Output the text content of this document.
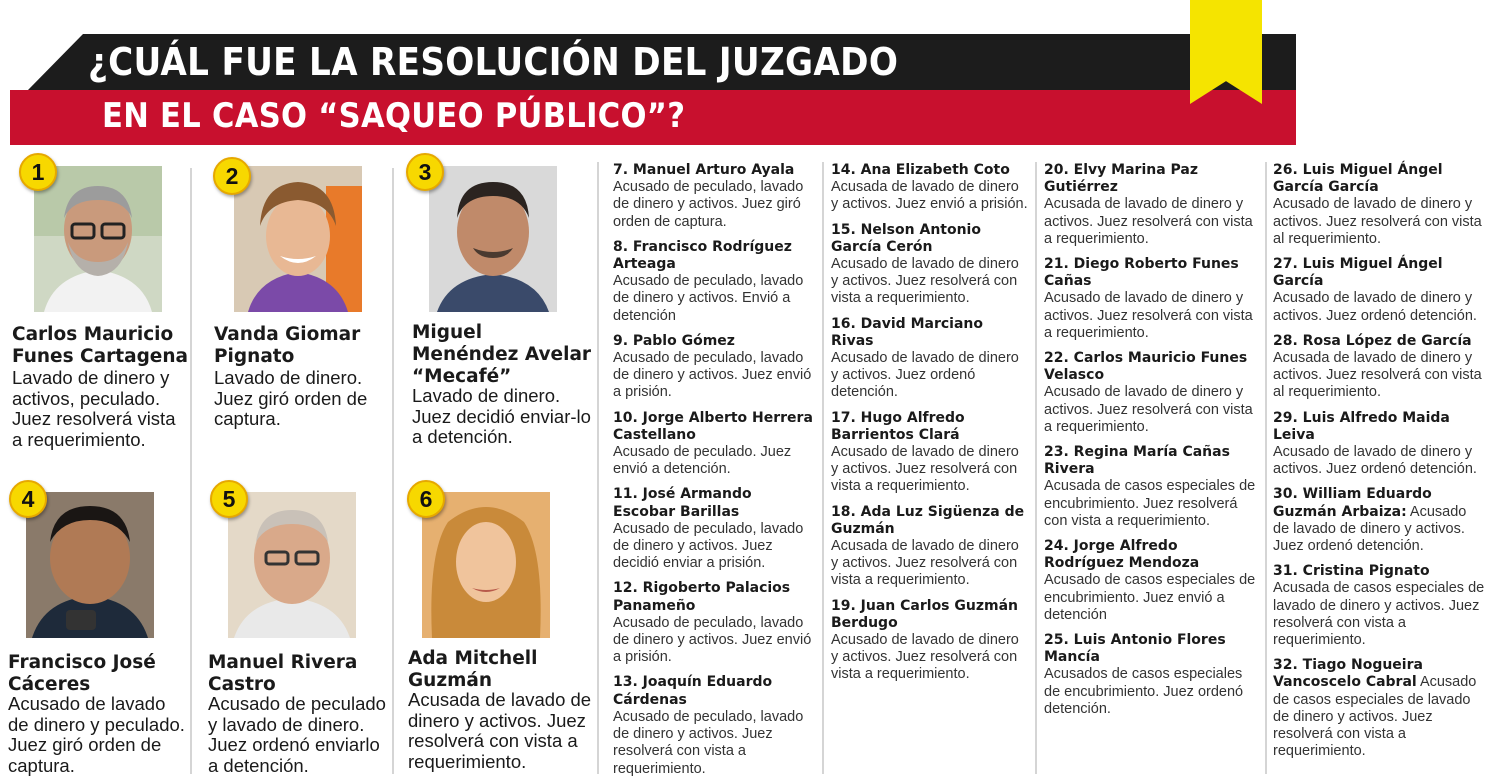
¿CUÁL FUE LA RESOLUCIÓN DEL JUZGADO
EN EL CASO “SAQUEO PÚBLICO”?
1
Carlos Mauricio Funes Cartagena
Lavado de dinero y activos, peculado. Juez resolverá vista a requerimiento.
2
Vanda Giomar Pignato
Lavado de dinero. Juez giró orden de captura.
3
Miguel Menéndez Avelar “Mecafé”
Lavado de dinero. Juez decidió enviar-lo a detención.
4
Francisco José Cáceres
Acusado de lavado de dinero y peculado. Juez giró orden de captura.
5
Manuel Rivera Castro
Acusado de peculado y lavado de dinero. Juez ordenó enviarlo a detención.
6
Ada Mitchell Guzmán
Acusada de lavado de dinero y activos. Juez resolverá con vista a requerimiento.
7. Manuel Arturo Ayala
Acusado de peculado, lavado de dinero y activos. Juez giró orden de captura.
8. Francisco Rodríguez Arteaga
Acusado de peculado, lavado de dinero y activos. Envió a detención
9. Pablo Gómez
Acusado de peculado, lavado de dinero y activos. Juez envió a prisión.
10. Jorge Alberto Herrera Castellano
Acusado de peculado. Juez envió a detención.
11. José Armando Escobar Barillas
Acusado de peculado, lavado de dinero y activos. Juez decidió enviar a prisión.
12. Rigoberto Palacios Panameño
Acusado de peculado, lavado de dinero y activos. Juez envió a prisión.
13. Joaquín Eduardo Cárdenas
Acusado de peculado, lavado de dinero y activos. Juez resolverá con vista a requerimiento.
14. Ana Elizabeth Coto
Acusada de lavado de dinero y activos. Juez envió a prisión.
15. Nelson Antonio García Cerón
Acusado de lavado de dinero y activos. Juez resolverá con vista a requerimiento.
16. David Marciano Rivas
Acusado de lavado de dinero y activos. Juez ordenó detención.
17. Hugo Alfredo Barrientos Clará
Acusado de lavado de dinero y activos. Juez resolverá con vista a requerimiento.
18. Ada Luz Sigüenza de Guzmán
Acusada de lavado de dinero y activos. Juez resolverá con vista a requerimiento.
19. Juan Carlos Guzmán Berdugo
Acusado de lavado de dinero y activos. Juez resolverá con vista a requerimiento.
20. Elvy Marina Paz Gutiérrez
Acusada de lavado de dinero y activos. Juez resolverá con vista a requerimiento.
21. Diego Roberto Funes Cañas
Acusado de lavado de dinero y activos. Juez resolverá con vista a requerimiento.
22. Carlos Mauricio Funes Velasco
Acusado de lavado de dinero y activos. Juez resolverá con vista a requerimiento.
23. Regina María Cañas Rivera
Acusada de casos especiales de encubrimiento. Juez resolverá con vista a requerimiento.
24. Jorge Alfredo Rodríguez Mendoza Acusado de casos especiales de encubrimiento. Juez envió a detención
25. Luis Antonio Flores Mancía
Acusados de casos especiales de encubrimiento. Juez ordenó detención.
26. Luis Miguel Ángel García García
Acusado de lavado de dinero y activos. Juez resolverá con vista al requerimiento.
27. Luis Miguel Ángel García
Acusado de lavado de dinero y activos. Juez ordenó detención.
28. Rosa López de García
Acusada de lavado de dinero y activos. Juez resolverá con vista al requerimiento.
29. Luis Alfredo Maida Leiva
Acusado de lavado de dinero y activos. Juez ordenó detención.
30. William Eduardo Guzmán Arbaiza: Acusado de lavado de dinero y activos. Juez ordenó detención.
31. Cristina Pignato
Acusada de casos especiales de lavado de dinero y activos. Juez resolverá con vista a requerimiento.
32. Tiago Nogueira Vancoscelo Cabral Acusado de casos especiales de lavado de dinero y activos. Juez resolverá con vista a requerimiento.
